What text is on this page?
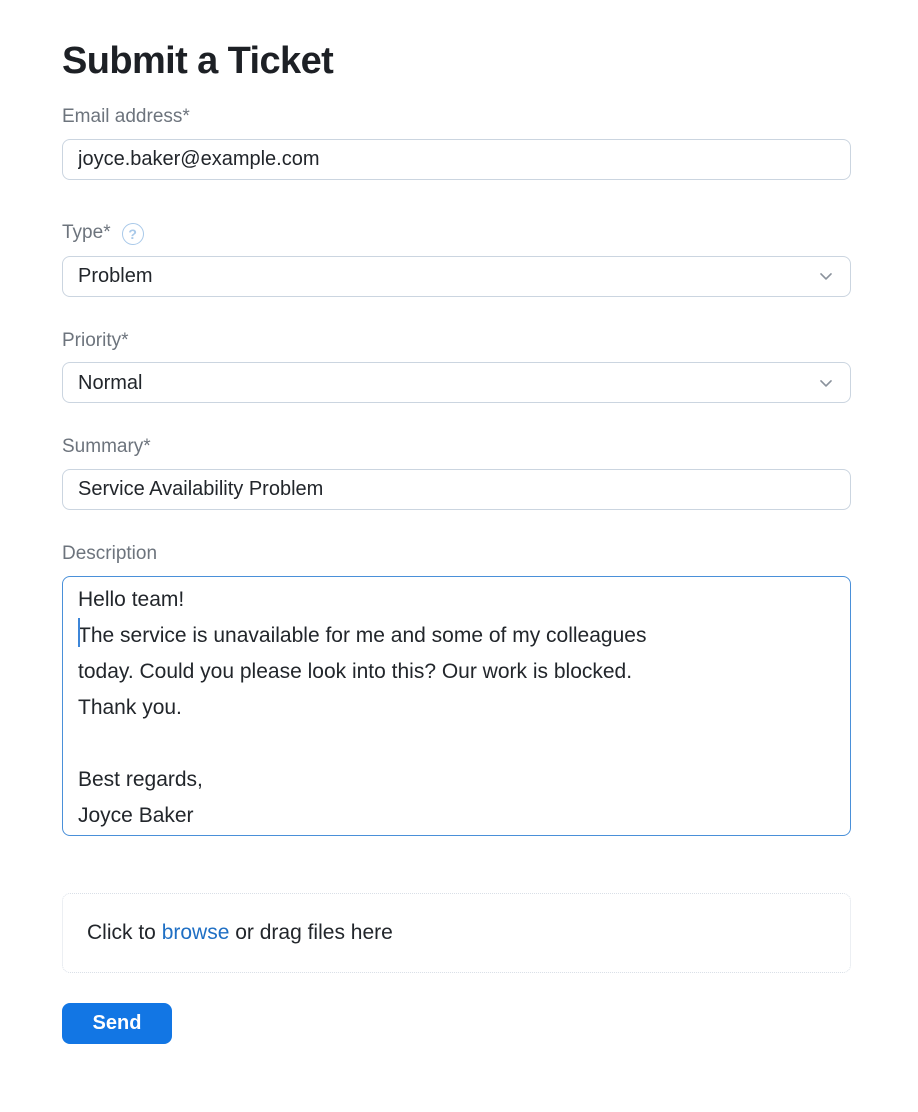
Submit a Ticket
Email address*
joyce.baker@example.com
Type*	?
Problem
Priority*
Normal
Summary*
Service Availability Problem
Description
Hello team! The service is unavailable for me and some of my colleagues today. Could you please look into this? Our work is blocked. Thank you. Best regards, Joyce Baker
Click to browse or drag files here
Send
